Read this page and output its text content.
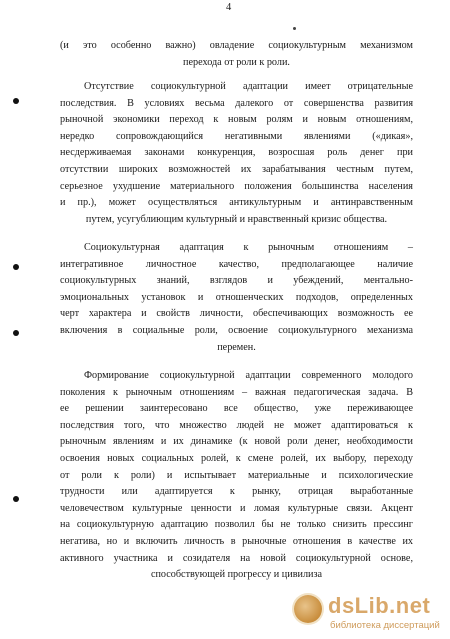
4
(и это особенно важно) овладение социокультурным механизмом
перехода от роли к роли.
Отсутствие социокультурной адаптации имеет отрицательные
последствия. В условиях весьма далекого от совершенства развития
рыночной экономики переход к новым ролям и новым отношениям,
нередко сопровождающийся негативными явлениями («дикая»,
несдерживаемая законами конкуренция, возросшая роль денег при
отсутствии широких возможностей их зарабатывания честным путем,
серьезное ухудшение материального положения большинства населения
и пр.), может осуществляться антикультурным и антинравственным
путем, усугублиющим культурный и нравственный кризис общества.
Социокультурная адаптация к рыночным отношениям –
интегративное личностное качество, предполагающее наличие
социокультурных знаний, взглядов и убеждений, ментально-
эмоциональных установок и отношенческих подходов, определенных
черт характера и свойств личности, обеспечивающих возможность ее
включения в социальные роли, освоение социокультурного механизма
перемен.
Формирование социокультурной адаптации современного молодого
поколения к рыночным отношениям – важная педагогическая задача. В
ее решении заинтересовано все общество, уже переживающее
последствия того, что множество людей не может адаптироваться к
рыночным явлениям и их динамике (к новой роли денег, необходимости
освоения новых социальных ролей, к смене ролей, их выбору, переходу
от роли к роли) и испытывает материальные и психологические
трудности или адаптируется к рынку, отрицая выработанные
человечеством культурные ценности и ломая культурные связи. Акцент
на социокультурную адаптацию позволил бы не только снизить прессинг
негатива, но и включить личность в рыночные отношения в качестве их
активного участника и созидателя на новой социокультурной основе,
способствующей прогрессу и цивилиза
dsLib.net
библиотека диссертаций
